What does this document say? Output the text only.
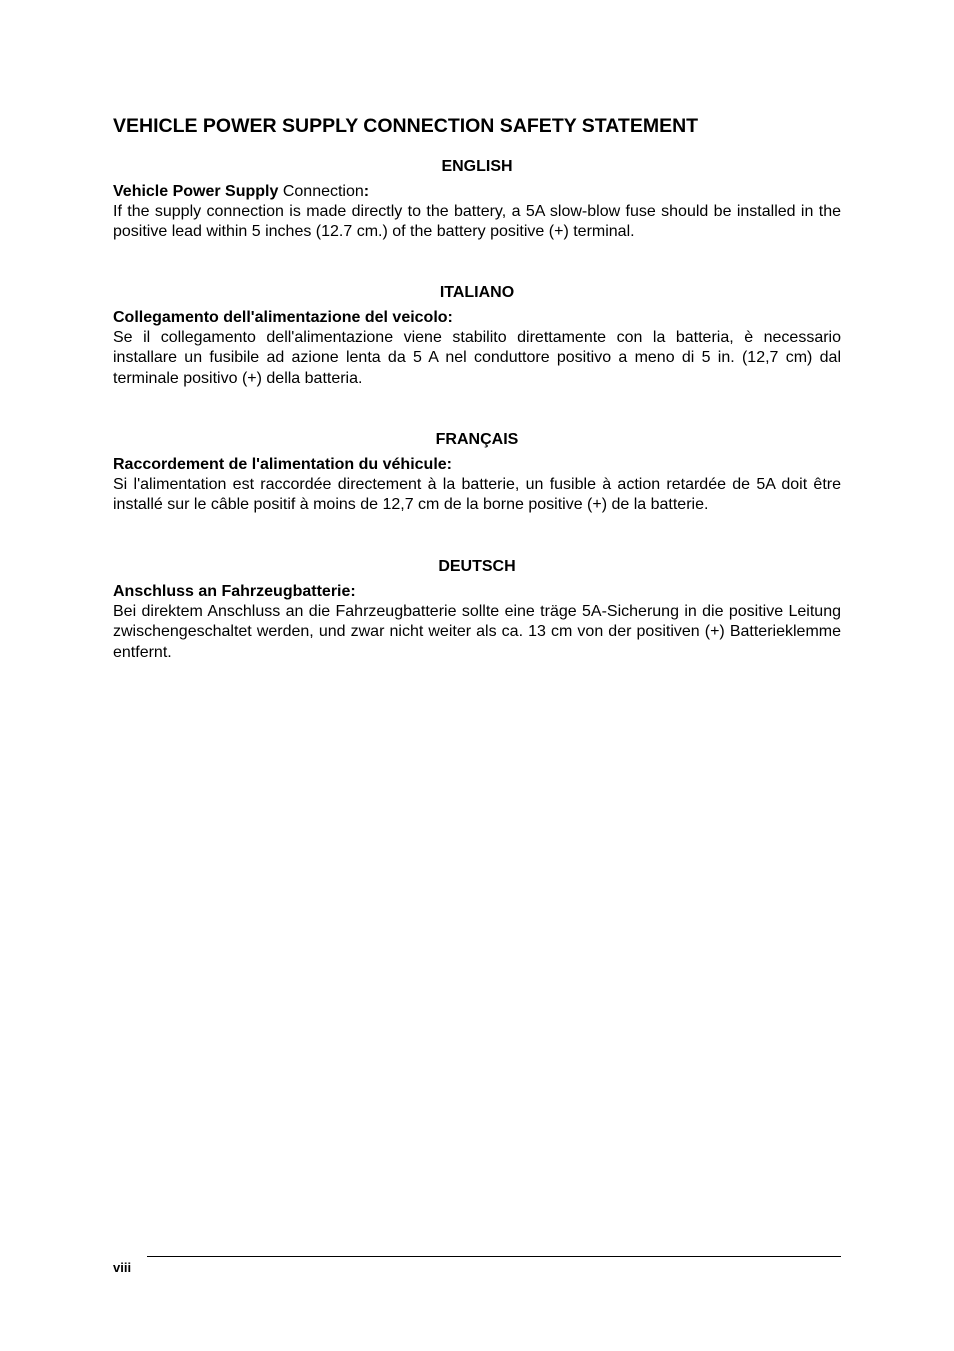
VEHICLE POWER SUPPLY CONNECTION SAFETY STATEMENT
ENGLISH

Vehicle Power Supply Connection:

If the supply connection is made directly to the battery, a 5A slow-blow fuse should be installed in the positive lead within 5 inches (12.7 cm.) of the battery positive (+) terminal.

ITALIANO

Collegamento dell'alimentazione del veicolo:

Se il collegamento dell'alimentazione viene stabilito direttamente con la batteria, è necessario installare un fusibile ad azione lenta da 5 A nel conduttore positivo a meno di 5 in. (12,7 cm) dal terminale positivo (+) della batteria.

FRANÇAIS

Raccordement de l'alimentation du véhicule:

Si l'alimentation est raccordée directement à la batterie, un fusible à action retardée de 5A doit être installé sur le câble positif à moins de 12,7 cm de la borne positive (+) de la batterie.

DEUTSCH

Anschluss an Fahrzeugbatterie:

Bei direktem Anschluss an die Fahrzeugbatterie sollte eine träge 5A-Sicherung in die positive Leitung zwischengeschaltet werden, und zwar nicht weiter als ca. 13 cm von der positiven (+) Batterieklemme entfernt.

viii
